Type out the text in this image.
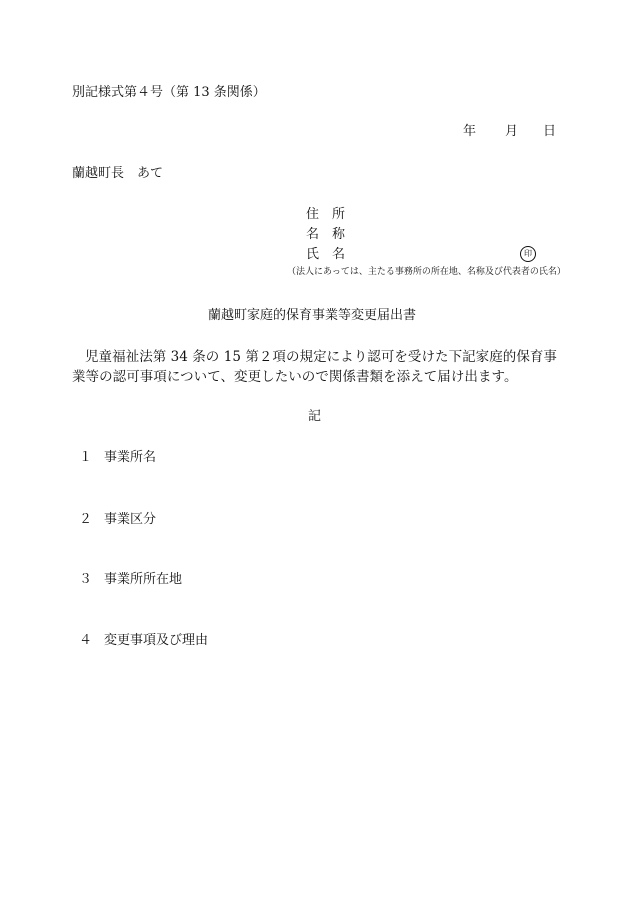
別記様式第４号（第 13 条関係）
年 月 日
蘭越町長　あて
住　所
名　称
氏　名	印
（法人にあっては、主たる事務所の所在地、名称及び代表者の氏名）
蘭越町家庭的保育事業等変更届出書
児童福祉法第 34 条の 15 第２項の規定により認可を受けた下記家庭的保育事業等の認可事項について、変更したいので関係書類を添えて届け出ます。
記
１ 事業所名
２ 事業区分
３ 事業所所在地
４ 変更事項及び理由
